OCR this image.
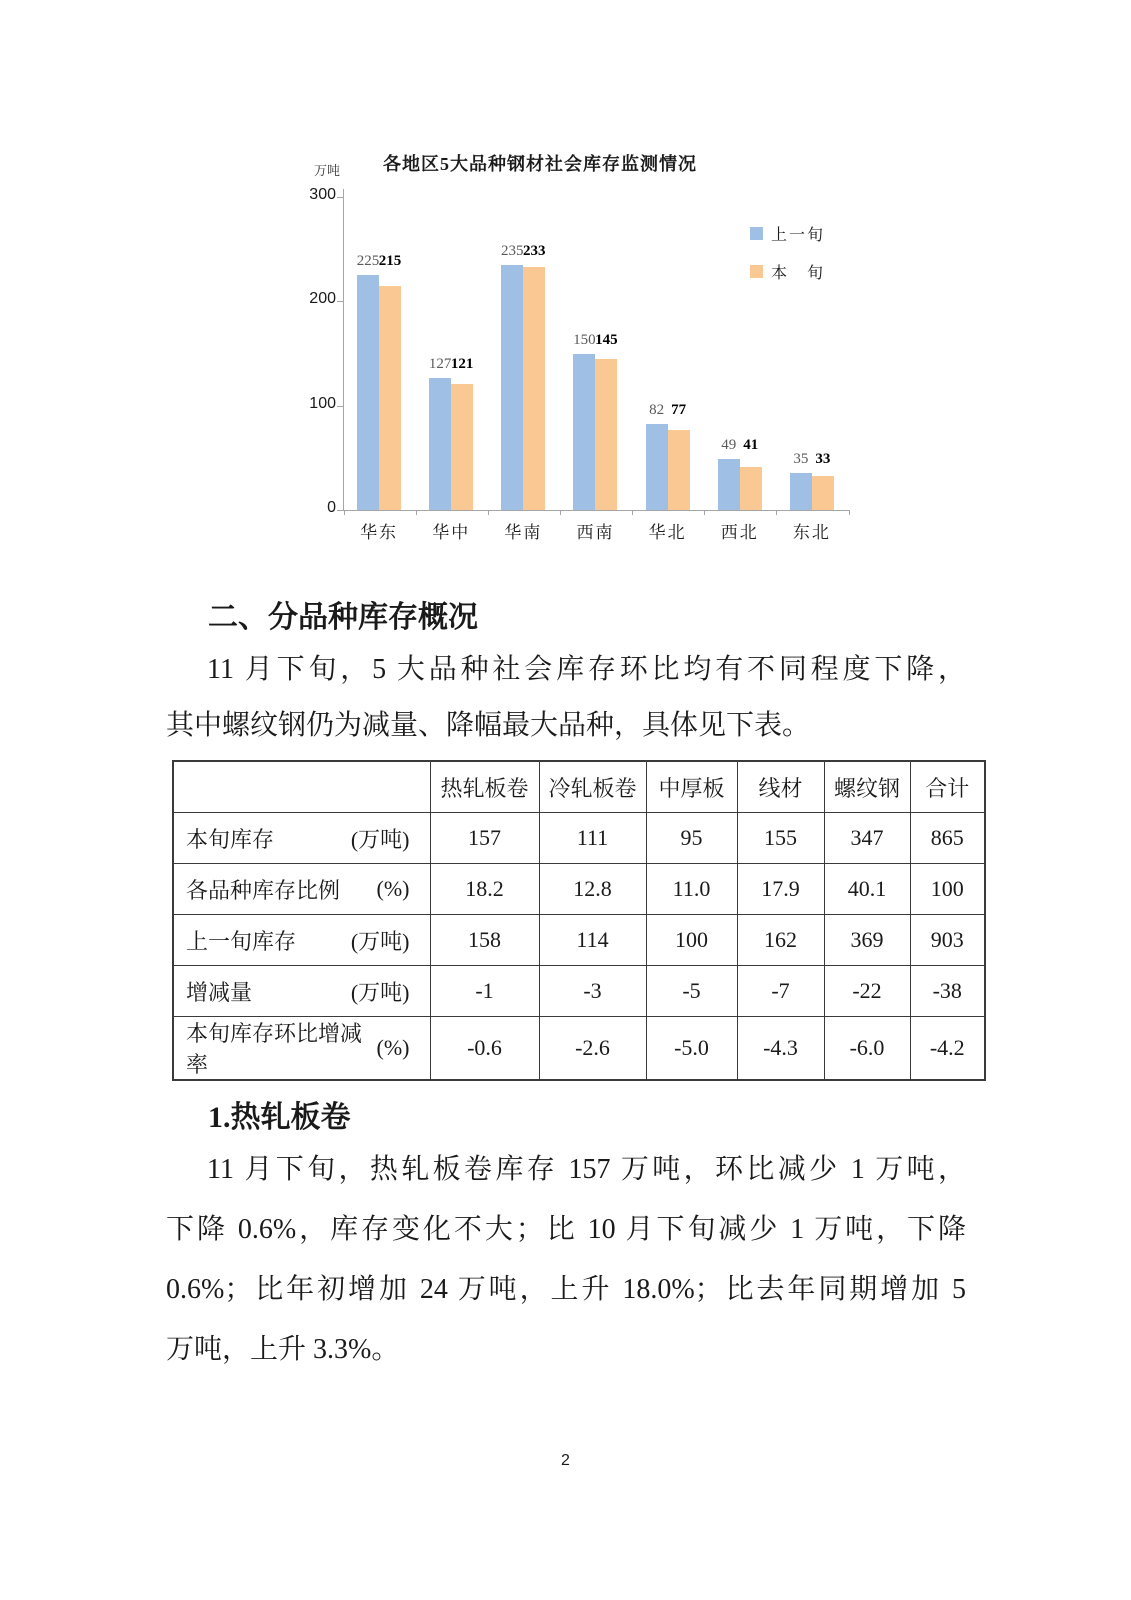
万吨	各地区5大品种钢材社会库存监测情况
225 215
127 121
235 233
150 145
82 77
49 41
35 33
华东	华中	华南	西南	华北	西北	东北
上一旬
本　旬
0
100
200
300
二、分品种库存概况
11 月下旬，5 大品种社会库存环比均有不同程度下降，
其中螺纹钢仍为减量、降幅最大品种，具体见下表。
	热轧板卷	冷轧板卷	中厚板	线材	螺纹钢	合计

本旬库存 (万吨)	157	111	95	155	347	865

各品种库存比例 (%)	18.2	12.8	11.0	17.9	40.1	100

上一旬库存 (万吨)	158	114	100	162	369	903

增减量 (万吨)	-1	-3	-5	-7	-22	-38

本旬库存环比增减率
(%)	-0.6	-2.6	-5.0	-4.3	-6.0	-4.2
1.热轧板卷
11 月下旬，热轧板卷库存 157 万吨，环比减少 1 万吨，
下降 0.6%，库存变化不大；比 10 月下旬减少 1 万吨，下降
0.6%；比年初增加 24 万吨，上升 18.0%；比去年同期增加 5
万吨，上升 3.3%。
2
